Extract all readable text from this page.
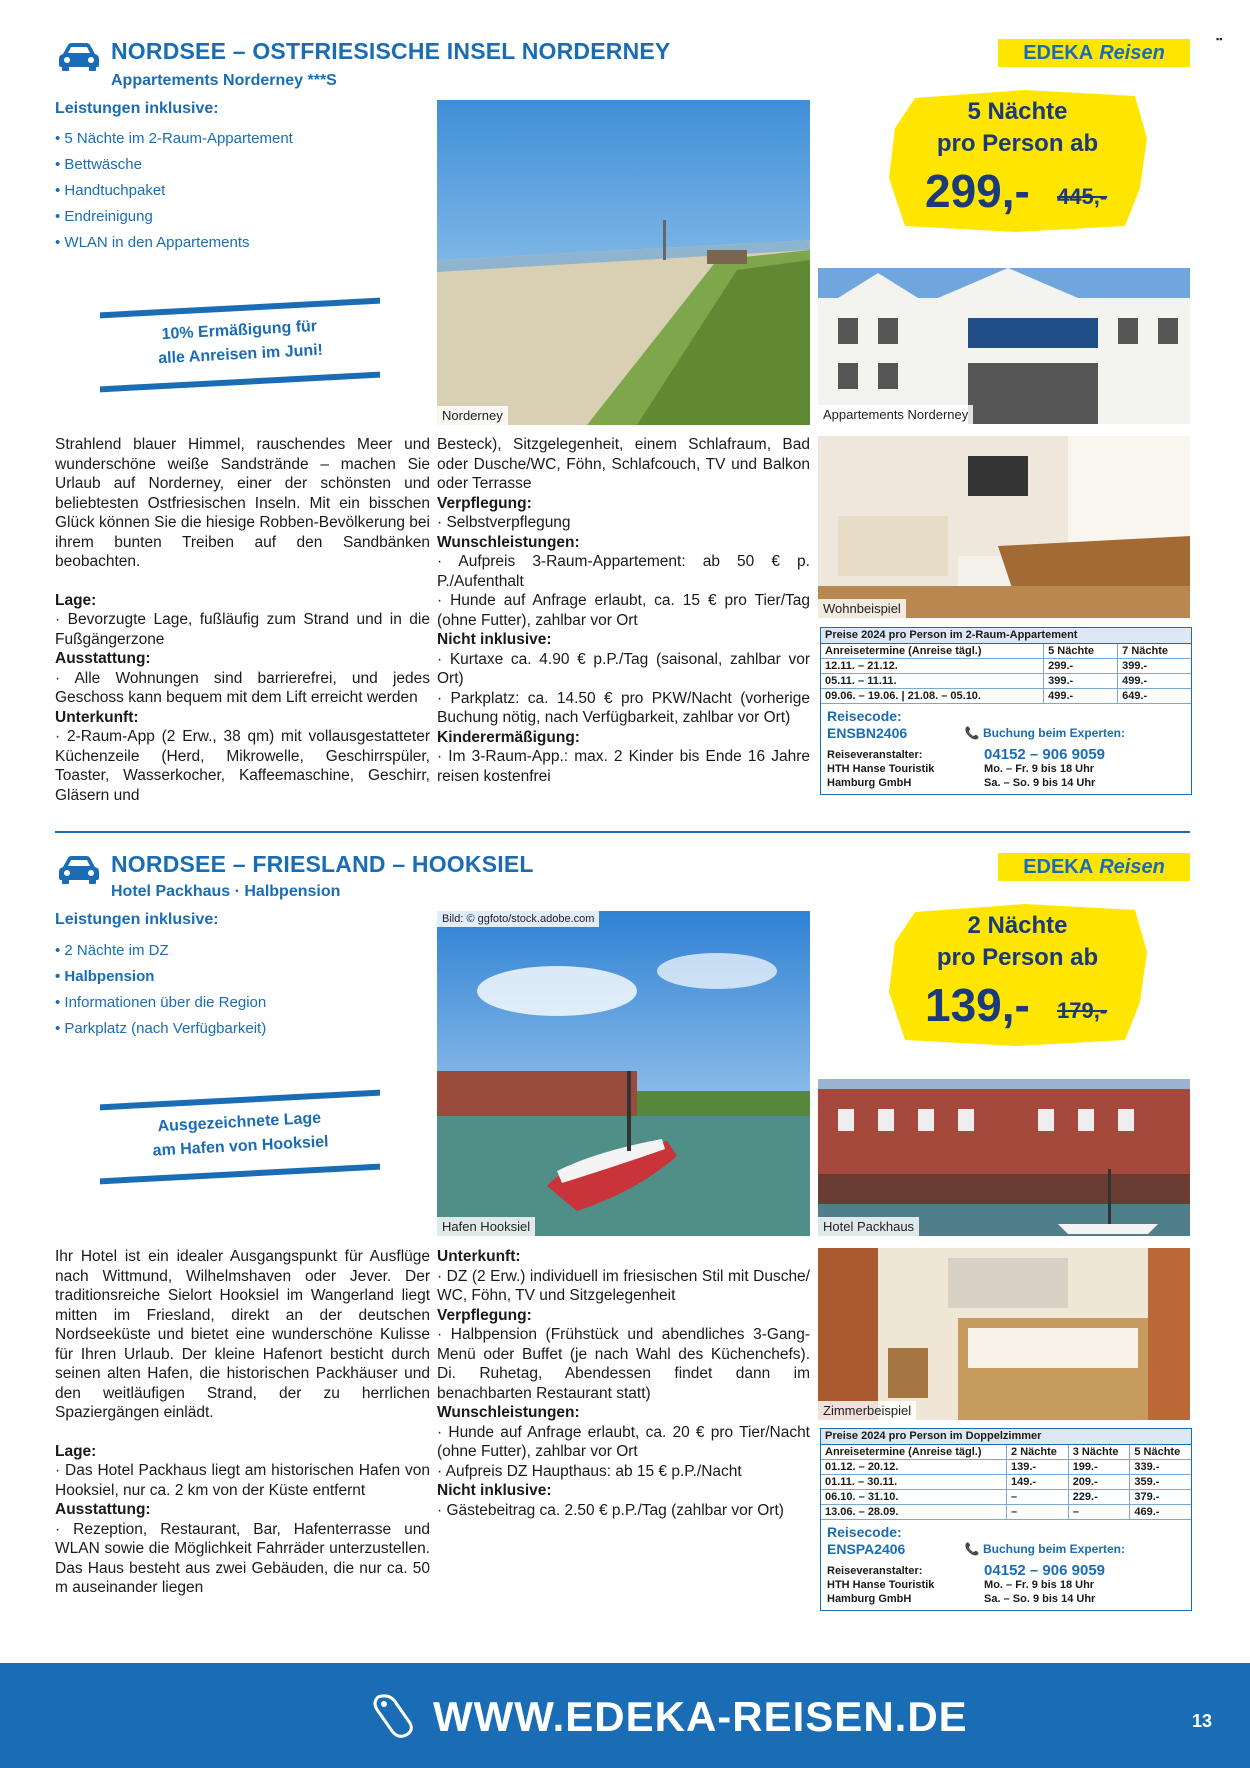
NORDSEE – OSTFRIESISCHE INSEL NORDERNEY
Appartements Norderney ***S
EDEKA Reisen
▪▪
Leistungen inklusive:
• 5 Nächte im 2-Raum-Appartement
• Bettwäsche
• Handtuchpaket
• Endreinigung
• WLAN in den Appartements
10% Ermäßigung für
alle Anreisen im Juni!
Norderney
5 Nächte
pro Person ab
299,- 445,-
Appartements Norderney
Wohnbeispiel

Strahlend blauer Himmel, rauschendes Meer und wunderschöne weiße Sandstrände – machen Sie Urlaub auf Norderney, einer der schönsten und beliebtesten Ostfriesischen Inseln. Mit ein bisschen Glück können Sie die hiesige Robben-Bevölkerung bei ihrem bunten Treiben auf den Sandbänken beobachten.

Lage:

· Bevorzugte Lage, fußläufig zum Strand und in die Fußgängerzone

Ausstattung:

· Alle Wohnungen sind barrierefrei, und jedes Geschoss kann bequem mit dem Lift erreicht werden

Unterkunft:

· 2-Raum-App (2 Erw., 38 qm) mit vollausgestatteter Küchenzeile (Herd, Mikrowelle, Geschirrspüler, Toaster, Wasserkocher, Kaffeemaschine, Geschirr, Gläsern und

Besteck), Sitzgelegenheit, einem Schlafraum, Bad oder Dusche/WC, Föhn, Schlafcouch, TV und Balkon oder Terrasse

Verpflegung:

· Selbstverpflegung

Wunschleistungen:

· Aufpreis 3-Raum-Appartement: ab 50 € p. P./Aufenthalt

· Hunde auf Anfrage erlaubt, ca. 15 € pro Tier/Tag (ohne Futter), zahlbar vor Ort

Nicht inklusive:

· Kurtaxe ca. 4.90 € p.P./Tag (saisonal, zahlbar vor Ort)

· Parkplatz: ca. 14.50 € pro PKW/Nacht (vorherige Buchung nötig, nach Verfügbarkeit, zahlbar vor Ort)

Kinderermäßigung:

· Im 3-Raum-App.: max. 2 Kinder bis Ende 16 Jahre reisen kostenfrei

Preise 2024 pro Person im 2-Raum-Appartement		
Anreisetermine (Anreise tägl.)	5 Nächte	7 Nächte
12.11. – 21.12.	299.-	399.-
05.11. – 11.11.	399.-	499.-
09.06. – 19.06. | 21.08. – 05.10.	499.-	649.-
Reisecode:
ENSBN2406	📞 Buchung beim Experten:
Reiseveranstalter:
HTH Hanse Touristik
Hamburg GmbH
04152 – 906 9059
Mo. – Fr. 9 bis 18 Uhr
Sa. – So. 9 bis 14 Uhr
NORDSEE – FRIESLAND – HOOKSIEL
Hotel Packhaus · Halbpension
EDEKA Reisen
Leistungen inklusive:
• 2 Nächte im DZ
• Halbpension
• Informationen über die Region
• Parkplatz (nach Verfügbarkeit)
Ausgezeichnete Lage
am Hafen von Hooksiel
Bild: © ggfoto/stock.adobe.com
Hafen Hooksiel
2 Nächte
pro Person ab
139,- 179,-
Hotel Packhaus
Zimmerbeispiel

Ihr Hotel ist ein idealer Ausgangspunkt für Ausflüge nach Wittmund, Wilhelmshaven oder Jever. Der traditionsreiche Sielort Hooksiel im Wangerland liegt mitten im Friesland, direkt an der deutschen Nordseeküste und bietet eine wunderschöne Kulisse für Ihren Urlaub. Der kleine Hafenort besticht durch seinen alten Hafen, die historischen Packhäuser und den weitläufigen Strand, der zu herrlichen Spaziergängen einlädt.

Lage:

· Das Hotel Packhaus liegt am historischen Hafen von Hooksiel, nur ca. 2 km von der Küste entfernt

Ausstattung:

· Rezeption, Restaurant, Bar, Hafenterrasse und WLAN sowie die Möglichkeit Fahrräder unterzustellen. Das Haus besteht aus zwei Gebäuden, die nur ca. 50 m auseinander liegen

Unterkunft:

· DZ (2 Erw.) individuell im friesischen Stil mit Dusche/ WC, Föhn, TV und Sitzgelegenheit

Verpflegung:

· Halbpension (Frühstück und abendliches 3-Gang-Menü oder Buffet (je nach Wahl des Küchenchefs). Di. Ruhetag, Abendessen findet dann im benachbarten Restaurant statt)

Wunschleistungen:

· Hunde auf Anfrage erlaubt, ca. 20 € pro Tier/Nacht (ohne Futter), zahlbar vor Ort

· Aufpreis DZ Haupthaus: ab 15 € p.P./Nacht

Nicht inklusive:

· Gästebeitrag ca. 2.50 € p.P./Tag (zahlbar vor Ort)

Preise 2024 pro Person im Doppelzimmer			
Anreisetermine (Anreise tägl.)	2 Nächte	3 Nächte	5 Nächte
01.12. – 20.12.	139.-	199.-	339.-
01.11. – 30.11.	149.-	209.-	359.-
06.10. – 31.10.	–	229.-	379.-
13.06. – 28.09.	–	–	469.-
Reisecode:
ENSPA2406	📞 Buchung beim Experten:
Reiseveranstalter:
HTH Hanse Touristik
Hamburg GmbH
04152 – 906 9059
Mo. – Fr. 9 bis 18 Uhr
Sa. – So. 9 bis 14 Uhr
WWW.EDEKA-REISEN.DE	13
